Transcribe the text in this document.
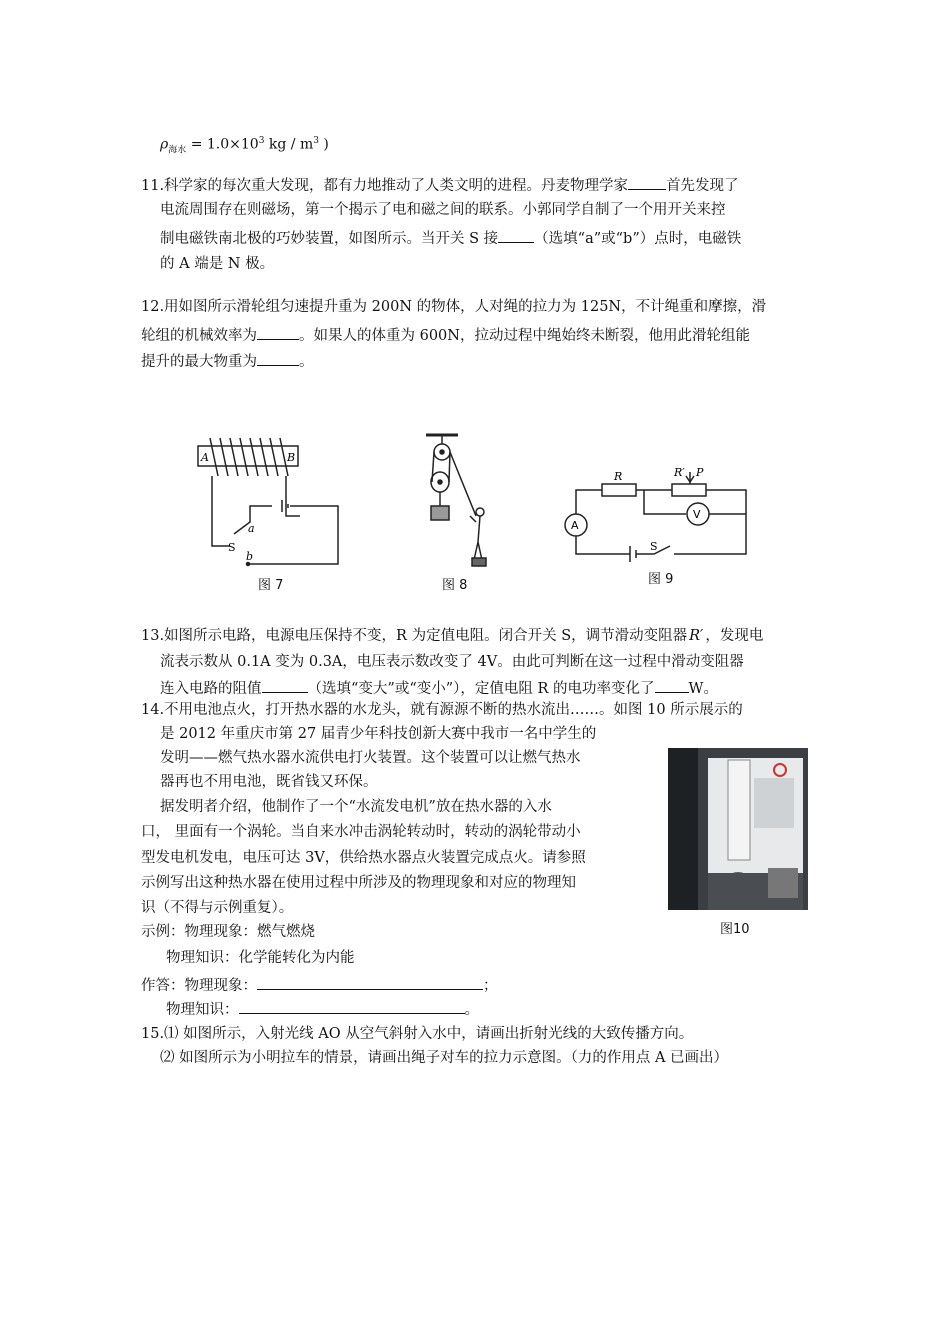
$\rho_{海水} = 1.0\times 10^3$ kg / $m^3$ )
11.科学家的每次重大发现，都有力地推动了人类文明的进程。丹麦物理学家	首先发现了
电流周围存在则磁场，第一个揭示了电和磁之间的联系。小郭同学自制了一个用开关来控
制电磁铁南北极的巧妙装置，如图所示。当开关 S 接 （选填“a”或“b”）点时，电磁铁
的 A 端是 N 极。
12.用如图所示滑轮组匀速提升重为 200N 的物体，人对绳的拉力为 125N，不计绳重和摩擦，滑
轮组的机械效率为	。如果人的体重为 600N，拉动过程中绳始终未断裂，他用此滑轮组能
提升的最大物重为	。
A	B
a
S
b
图 7	图 8
R	R′ P
A
V
S
图 9
13.如图所示电路，电源电压保持不变，R 为定值电阻。闭合开关 S，调节滑动变阻器 R′ ，发现电
流表示数从 0.1A 变为 0.3A，电压表示数改变了 4V。由此可判断在这一过程中滑动变阻器
连入电路的阻值	（选填“变大”或“变小”），定值电阻 R 的电功率变化了 W。
14.不用电池点火，打开热水器的水龙头，就有源源不断的热水流出……。如图 10 所示展示的
是 2012 年重庆市第 27 届青少年科技创新大赛中我市一名中学生的
发明——燃气热水器水流供电打火装置。这个装置可以让燃气热水
器再也不用电池，既省钱又环保。
据发明者介绍，他制作了一个“水流发电机”放在热水器的入水
口， 里面有一个涡轮。当自来水冲击涡轮转动时，转动的涡轮带动小
型发电机发电，电压可达 3V，供给热水器点火装置完成点火。请参照
示例写出这种热水器在使用过程中所涉及的物理现象和对应的物理知
识（不得与示例重复）。
示例：物理现象：燃气燃烧
物理知识：化学能转化为内能
作答：物理现象：	；
物理知识：	。
图10
15.⑴ 如图所示，入射光线 AO 从空气斜射入水中，请画出折射光线的大致传播方向。
⑵ 如图所示为小明拉车的情景，请画出绳子对车的拉力示意图。（力的作用点 A 已画出）
